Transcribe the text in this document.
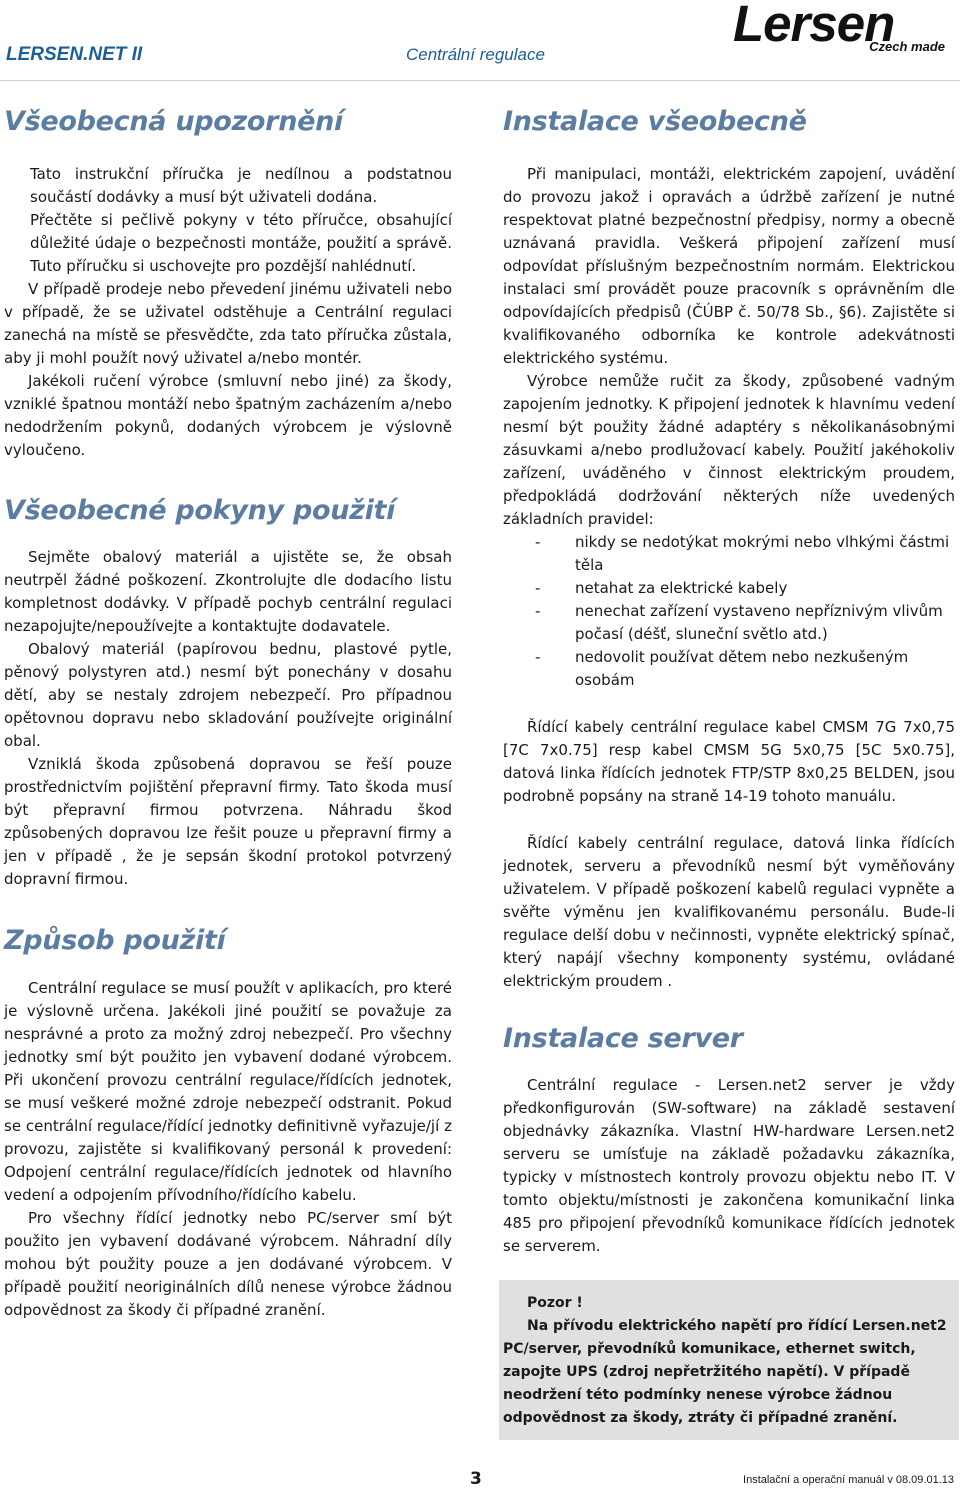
LERSEN.NET II	Centrální regulace
Lersen
Czech made
Všeobecná upozornění

Tato instrukční příručka je nedílnou a podstatnou součástí dodávky a musí být uživateli dodána.

Přečtěte si pečlivě pokyny v této příručce, obsahující důležité údaje o bezpečnosti montáže, použití a správě. Tuto příručku si uschovejte pro pozdější nahlédnutí.

V případě prodeje nebo převedení jinému uživateli nebo v případě, že se uživatel odstěhuje a Centrální regulaci zanechá na místě se přesvědčte, zda tato příručka zůstala, aby ji mohl použít nový uživatel a/nebo montér.

Jakékoli ručení výrobce (smluvní nebo jiné) za škody, vzniklé špatnou montáží nebo špatným zacházením a/nebo nedodržením pokynů, dodaných výrobcem je výslovně vyloučeno.

Všeobecné pokyny použití

Sejměte obalový materiál a ujistěte se, že obsah neutrpěl žádné poškození. Zkontrolujte dle dodacího listu kompletnost dodávky. V případě pochyb centrální regulaci nezapojujte/nepoužívejte a kontaktujte dodavatele.

Obalový materiál (papírovou bednu, plastové pytle, pěnový polystyren atd.) nesmí být ponechány v dosahu dětí, aby se nestaly zdrojem nebezpečí. Pro případnou opětovnou dopravu nebo skladování používejte originální obal.

Vzniklá škoda způsobená dopravou se řeší pouze prostřednictvím pojištění přepravní firmy. Tato škoda musí být přepravní firmou potvrzena. Náhradu škod způsobených dopravou lze řešit pouze u přepravní firmy a jen v případě , že je sepsán škodní protokol potvrzený dopravní firmou.

Způsob použití

Centrální regulace se musí použít v aplikacích, pro které je výslovně určena. Jakékoli jiné použití se považuje za nesprávné a proto za možný zdroj nebezpečí. Pro všechny jednotky smí být použito jen vybavení dodané výrobcem. Při ukončení provozu centrální regulace/řídících jednotek, se musí veškeré možné zdroje nebezpečí odstranit. Pokud se centrální regulace/řídící jednotky definitivně vyřazuje/jí z provozu, zajistěte si kvalifikovaný personál k provedení: Odpojení centrální regulace/řídících jednotek od hlavního vedení a odpojením přívodního/řídícího kabelu.

Pro všechny řídící jednotky nebo PC/server smí být použito jen vybavení dodávané výrobcem. Náhradní díly mohou být použity pouze a jen dodávané výrobcem. V případě použití neoriginálních dílů nenese výrobce žádnou odpovědnost za škody či případné zranění.

Instalace všeobecně

Při manipulaci, montáži, elektrickém zapojení, uvádění do provozu jakož i opravách a údržbě zařízení je nutné respektovat platné bezpečnostní předpisy, normy a obecně uznávaná pravidla. Veškerá připojení zařízení musí odpovídat příslušným bezpečnostním normám. Elektrickou instalaci smí provádět pouze pracovník s oprávněním dle odpovídajících předpisů (ČÚBP č. 50/78 Sb., §6). Zajistěte si kvalifikovaného odborníka ke kontrole adekvátnosti elektrického systému.

Výrobce nemůže ručit za škody, způsobené vadným zapojením jednotky. K připojení jednotek k hlavnímu vedení nesmí být použity žádné adaptéry s několikanásobnými zásuvkami a/nebo prodlužovací kabely. Použití jakéhokoliv zařízení, uváděného v činnost elektrickým proudem, předpokládá dodržování některých níže uvedených základních pravidel:

- nikdy se nedotýkat mokrými nebo vlhkými částmi těla
- netahat za elektrické kabely
- nenechat zařízení vystaveno nepříznivým vlivům počasí (déšť, sluneční světlo atd.)
- nedovolit používat dětem nebo nezkušeným osobám

Řídící kabely centrální regulace kabel CMSM 7G 7x0,75 [7C 7x0.75] resp kabel CMSM 5G 5x0,75 [5C 5x0.75], datová linka řídících jednotek FTP/STP 8x0,25 BELDEN, jsou podrobně popsány na straně 14-19 tohoto manuálu.

Řídící kabely centrální regulace, datová linka řídících jednotek, serveru a převodníků nesmí být vyměňovány uživatelem. V případě poškození kabelů regulaci vypněte a svěřte výměnu jen kvalifikovanému personálu. Bude-li regulace delší dobu v nečinnosti, vypněte elektrický spínač, který napájí všechny komponenty systému, ovládané elektrickým proudem .

Instalace server

Centrální regulace - Lersen.net2 server je vždy předkonfigurován (SW-software) na základě sestavení objednávky zákazníka. Vlastní HW-hardware Lersen.net2 serveru se umísťuje na základě požadavku zákazníka, typicky v místnostech kontroly provozu objektu nebo IT. V tomto objektu/místnosti je zakončena komunikační linka 485 pro připojení převodníků komunikace řídících jednotek se serverem.

Pozor !

Na přívodu elektrického napětí pro řídící Lersen.net2 PC/server, převodníků komunikace, ethernet switch, zapojte UPS (zdroj nepřetržitého napětí). V případě neodržení této podmínky nenese výrobce žádnou odpovědnost za škody, ztráty či případné zranění.

3	Instalační a operační manuál v 08.09.01.13
